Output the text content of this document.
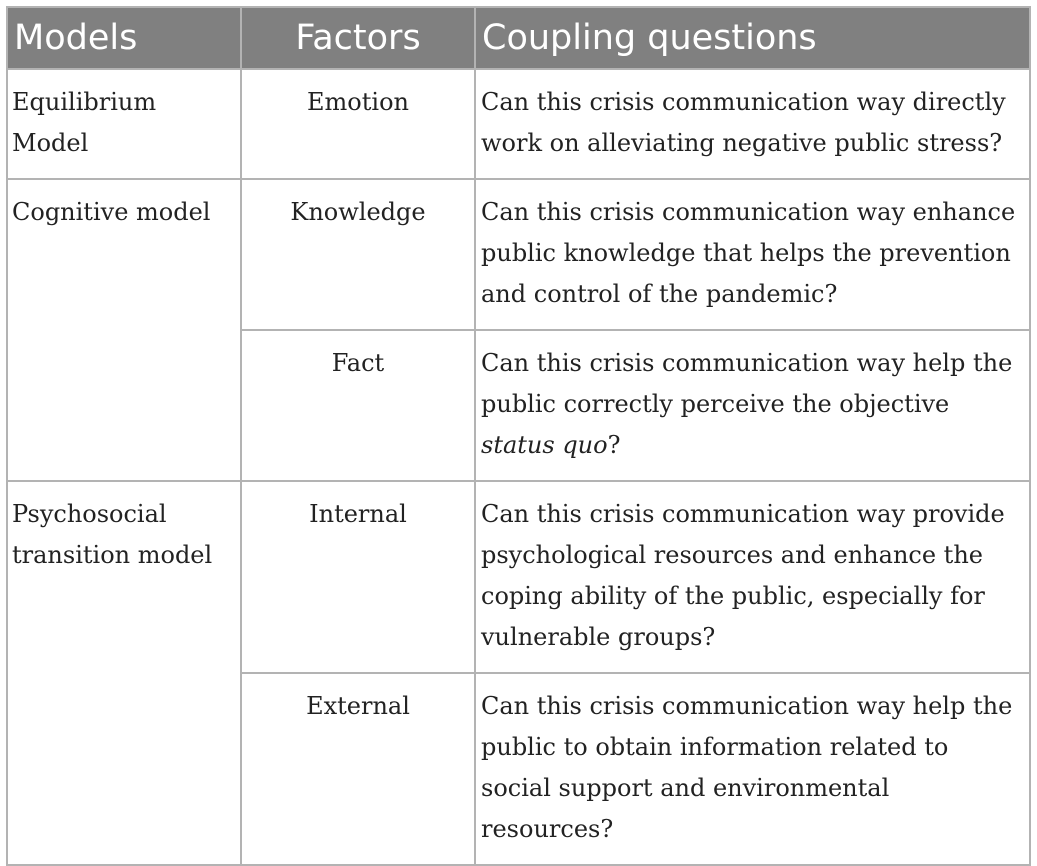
Models	Factors	Coupling questions
Equilibrium Model	Emotion	Can this crisis communication way directly work on alleviating negative public stress?
Cognitive model	Knowledge	Can this crisis communication way enhance public knowledge that helps the prevention and control of the pandemic?
	Fact	Can this crisis communication way help the public correctly perceive the objective status quo?
Psychosocial transition model	Internal	Can this crisis communication way provide psychological resources and enhance the coping ability of the public, especially for vulnerable groups?
	External	Can this crisis communication way help the public to obtain information related to social support and environmental resources?
